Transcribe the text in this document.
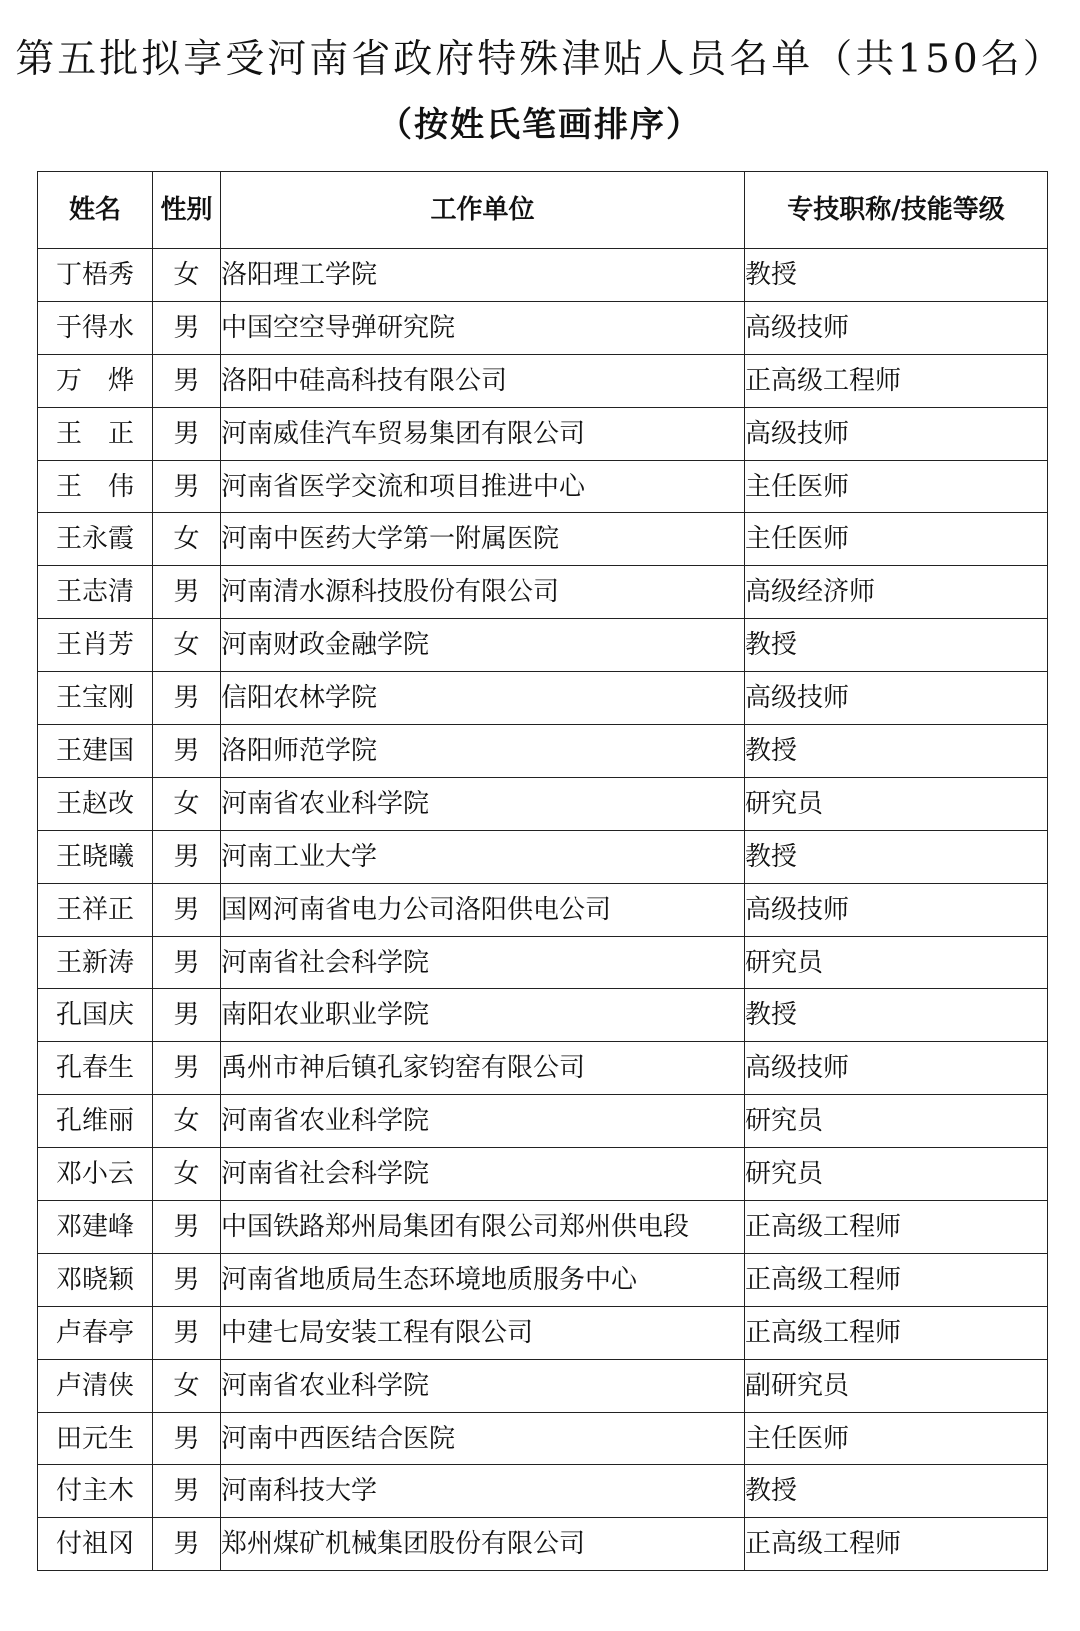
第五批拟享受河南省政府特殊津贴人员名单（共150名）
（按姓氏笔画排序）
姓名	性别	工作单位	专技职称/技能等级
丁梧秀	女	洛阳理工学院	教授
于得水	男	中国空空导弹研究院	高级技师
万　烨	男	洛阳中硅高科技有限公司	正高级工程师
王　正	男	河南威佳汽车贸易集团有限公司	高级技师
王　伟	男	河南省医学交流和项目推进中心	主任医师
王永霞	女	河南中医药大学第一附属医院	主任医师
王志清	男	河南清水源科技股份有限公司	高级经济师
王肖芳	女	河南财政金融学院	教授
王宝刚	男	信阳农林学院	高级技师
王建国	男	洛阳师范学院	教授
王赵改	女	河南省农业科学院	研究员
王晓曦	男	河南工业大学	教授
王祥正	男	国网河南省电力公司洛阳供电公司	高级技师
王新涛	男	河南省社会科学院	研究员
孔国庆	男	南阳农业职业学院	教授
孔春生	男	禹州市神后镇孔家钧窑有限公司	高级技师
孔维丽	女	河南省农业科学院	研究员
邓小云	女	河南省社会科学院	研究员
邓建峰	男	中国铁路郑州局集团有限公司郑州供电段	正高级工程师
邓晓颖	男	河南省地质局生态环境地质服务中心	正高级工程师
卢春亭	男	中建七局安装工程有限公司	正高级工程师
卢清侠	女	河南省农业科学院	副研究员
田元生	男	河南中西医结合医院	主任医师
付主木	男	河南科技大学	教授
付祖冈	男	郑州煤矿机械集团股份有限公司	正高级工程师
